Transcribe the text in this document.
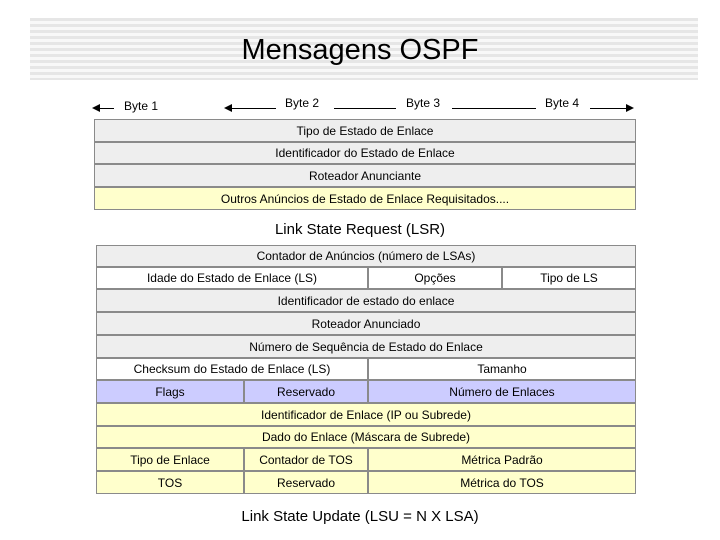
Mensagens OSPF
Byte 1	Byte 2	Byte 3	Byte 4
Tipo de Estado de Enlace
Identificador do Estado de Enlace
Roteador Anunciante
Outros Anúncios de Estado de Enlace Requisitados....
Link State Request (LSR)
Contador de Anúncios (número de LSAs)
Idade do Estado de Enlace (LS)	Opções	Tipo de LS
Identificador de estado do enlace
Roteador Anunciado
Número de Sequência de Estado do Enlace
Checksum do Estado de Enlace (LS)	Tamanho
Flags	Reservado	Número de Enlaces
Identificador de Enlace (IP ou Subrede)
Dado do Enlace (Máscara de Subrede)
Tipo de Enlace	Contador de TOS	Métrica Padrão
TOS	Reservado	Métrica do TOS
Link State Update (LSU = N X LSA)
